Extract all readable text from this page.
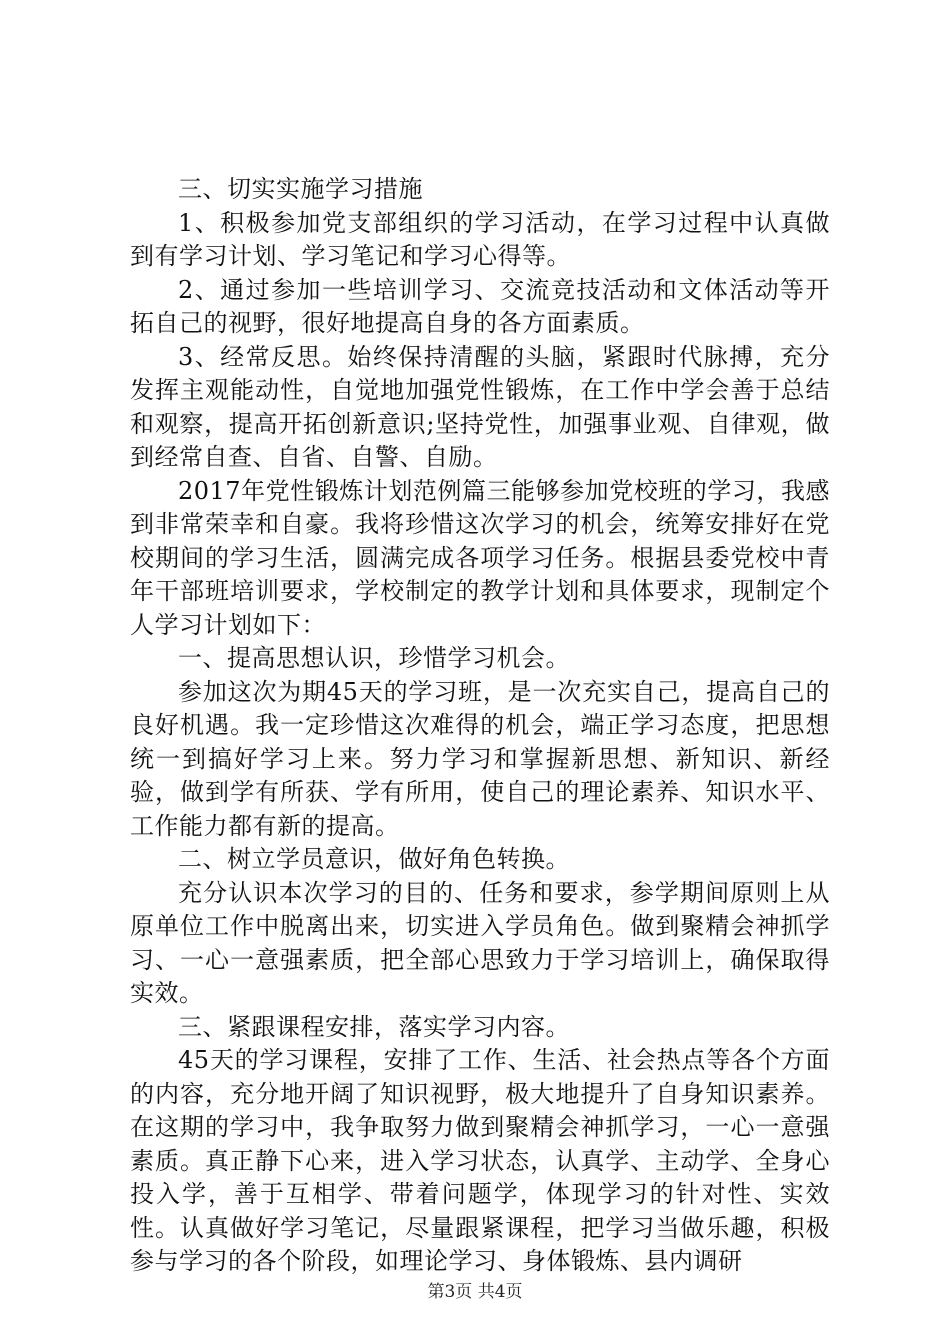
三、切实实施学习措施

1、积极参加党支部组织的学习活动，在学习过程中认真做到有学习计划、学习笔记和学习心得等。

2、通过参加一些培训学习、交流竞技活动和文体活动等开拓自己的视野，很好地提高自身的各方面素质。

3、经常反思。始终保持清醒的头脑，紧跟时代脉搏，充分发挥主观能动性，自觉地加强党性锻炼，在工作中学会善于总结和观察，提高开拓创新意识;坚持党性，加强事业观、自律观，做到经常自查、自省、自警、自励。

2017年党性锻炼计划范例篇三能够参加党校班的学习，我感到非常荣幸和自豪。我将珍惜这次学习的机会，统筹安排好在党校期间的学习生活，圆满完成各项学习任务。根据县委党校中青年干部班培训要求，学校制定的教学计划和具体要求，现制定个人学习计划如下：

一、提高思想认识，珍惜学习机会。

参加这次为期45天的学习班，是一次充实自己，提高自己的良好机遇。我一定珍惜这次难得的机会，端正学习态度，把思想统一到搞好学习上来。努力学习和掌握新思想、新知识、新经验，做到学有所获、学有所用，使自己的理论素养、知识水平、工作能力都有新的提高。

二、树立学员意识，做好角色转换。

充分认识本次学习的目的、任务和要求，参学期间原则上从原单位工作中脱离出来，切实进入学员角色。做到聚精会神抓学习、一心一意强素质，把全部心思致力于学习培训上，确保取得实效。

三、紧跟课程安排，落实学习内容。

45天的学习课程，安排了工作、生活、社会热点等各个方面的内容，充分地开阔了知识视野，极大地提升了自身知识素养。在这期的学习中，我争取努力做到聚精会神抓学习，一心一意强素质。真正静下心来，进入学习状态，认真学、主动学、全身心投入学，善于互相学、带着问题学，体现学习的针对性、实效性。认真做好学习笔记，尽量跟紧课程，把学习当做乐趣，积极参与学习的各个阶段，如理论学习、身体锻炼、县内调研

第3页 共4页
